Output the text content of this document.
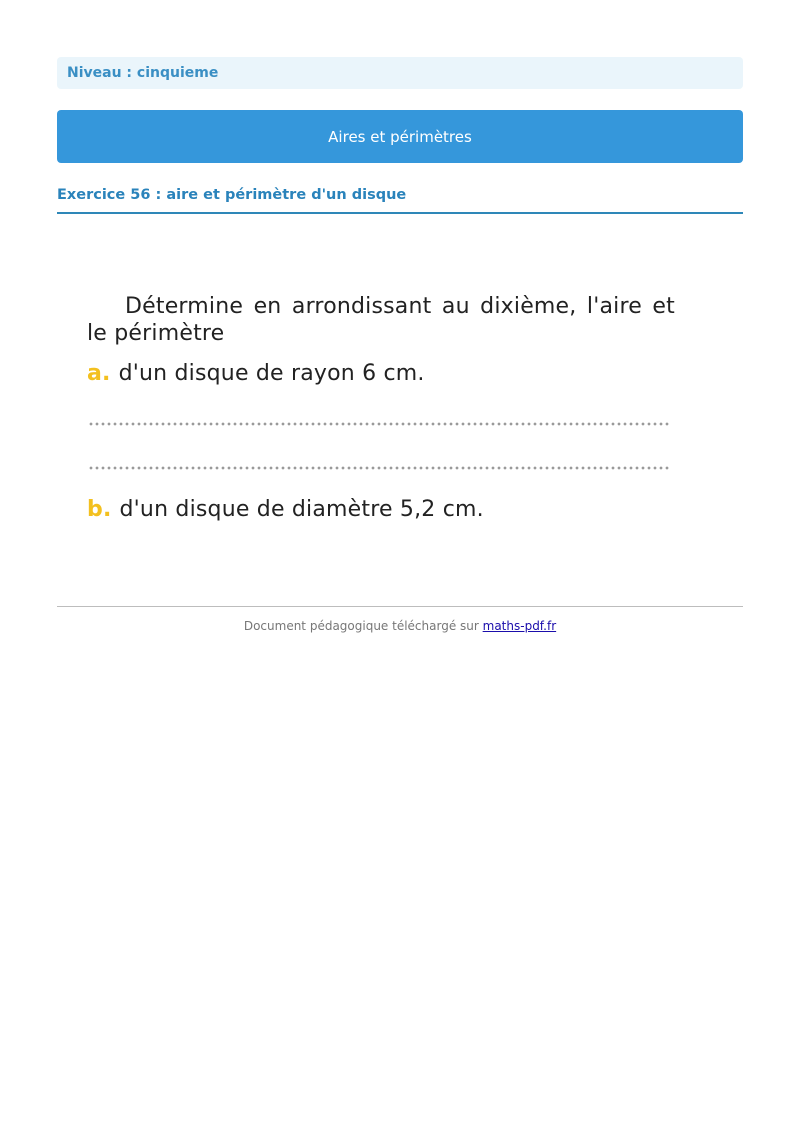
Niveau : cinquieme
Aires et périmètres
Exercice 56 : aire et périmètre d'un disque
Détermine en arrondissant au dixième, l'aire et le périmètre
a. d'un disque de rayon 6 cm.
b. d'un disque de diamètre 5,2 cm.
Document pédagogique téléchargé sur maths-pdf.fr
